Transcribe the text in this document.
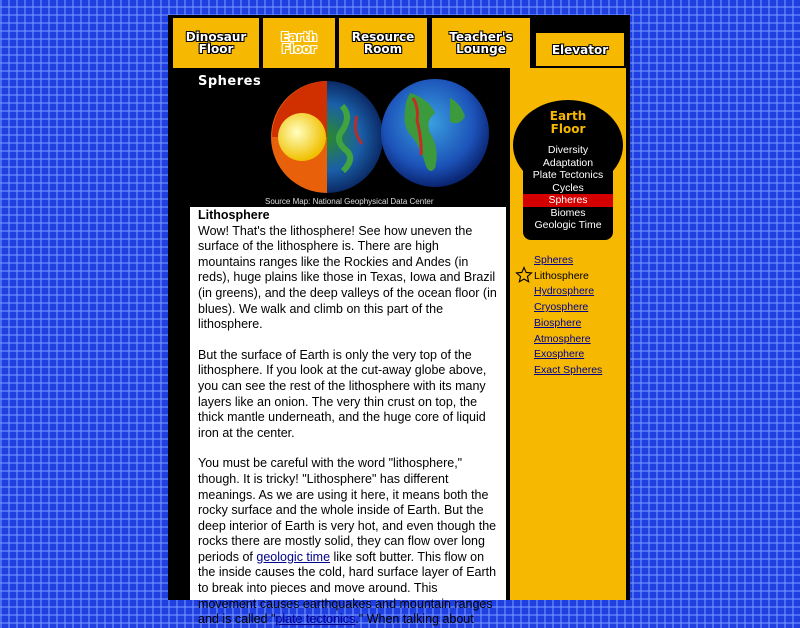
Dinosaur
Floor
Earth
Floor
Resource
Room
Teacher's
Lounge	Elevator
Spheres
Source Map: National Geophysical Data Center
Lithosphere

Wow! That's the lithosphere! See how uneven the surface of the lithosphere is. There are high mountains ranges like the Rockies and Andes (in reds), huge plains like those in Texas, Iowa and Brazil (in greens), and the deep valleys of the ocean floor (in blues). We walk and climb on this part of the lithosphere.

But the surface of Earth is only the very top of the lithosphere. If you look at the cut-away globe above, you can see the rest of the lithosphere with its many layers like an onion. The very thin crust on top, the thick mantle underneath, and the huge core of liquid iron at the center.

You must be careful with the word "lithosphere," though. It is tricky! "Lithosphere" has different meanings. As we are using it here, it means both the rocky surface and the whole inside of Earth. But the deep interior of Earth is very hot, and even though the rocks there are mostly solid, they can flow over long periods of geologic time like soft butter. This flow on the inside causes the cold, hard surface layer of Earth to break into pieces and move around. This movement causes earthquakes and mountain ranges and is called "plate tectonics." When talking about

Earth
Floor
Diversity
Adaptation
Plate Tectonics
Cycles
Spheres
Biomes
Geologic Time
Spheres
Lithosphere
Hydrosphere
Cryosphere
Biosphere
Atmosphere
Exosphere
Exact Spheres
